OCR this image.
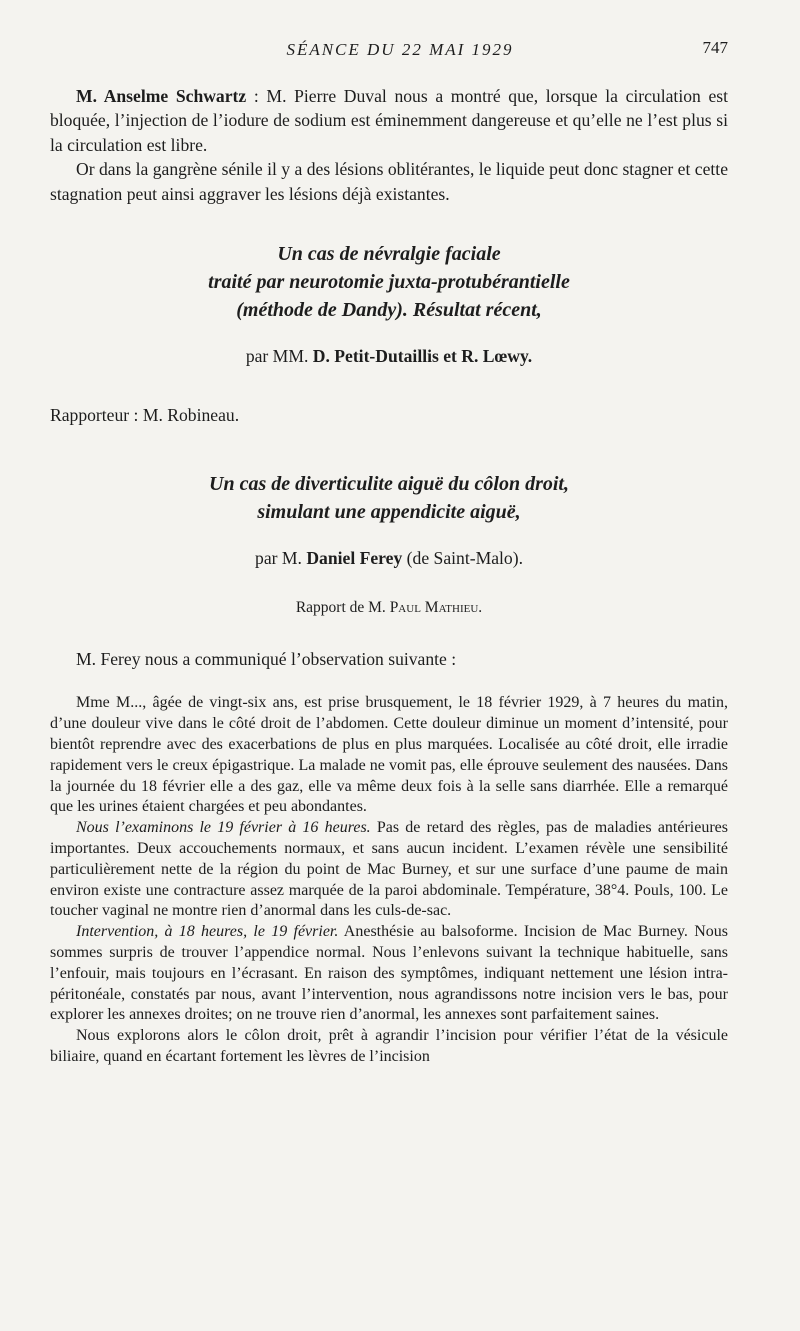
SÉANCE DU 22 MAI 1929	747

M. Anselme Schwartz : M. Pierre Duval nous a montré que, lorsque la circulation est bloquée, l’injection de l’iodure de sodium est éminemment dangereuse et qu’elle ne l’est plus si la circulation est libre.

Or dans la gangrène sénile il y a des lésions oblitérantes, le liquide peut donc stagner et cette stagnation peut ainsi aggraver les lésions déjà existantes.

Un cas de névralgie faciale
traité par neurotomie juxta-protubérantielle
(méthode de Dandy). Résultat récent,

par MM. D. Petit-Dutaillis et R. Lœwy.

Rapporteur : M. Robineau.

Un cas de diverticulite aiguë du côlon droit,
simulant une appendicite aiguë,

par M. Daniel Ferey (de Saint-Malo).

Rapport de M. Paul Mathieu.

M. Ferey nous a communiqué l’observation suivante :

Mme M..., âgée de vingt-six ans, est prise brusquement, le 18 février 1929, à 7 heures du matin, d’une douleur vive dans le côté droit de l’abdomen. Cette douleur diminue un moment d’intensité, pour bientôt reprendre avec des exacerbations de plus en plus marquées. Localisée au côté droit, elle irradie rapidement vers le creux épigastrique. La malade ne vomit pas, elle éprouve seulement des nausées. Dans la journée du 18 février elle a des gaz, elle va même deux fois à la selle sans diarrhée. Elle a remarqué que les urines étaient chargées et peu abondantes.

Nous l’examinons le 19 février à 16 heures. Pas de retard des règles, pas de maladies antérieures importantes. Deux accouchements normaux, et sans aucun incident. L’examen révèle une sensibilité particulièrement nette de la région du point de Mac Burney, et sur une surface d’une paume de main environ existe une contracture assez marquée de la paroi abdominale. Température, 38°4. Pouls, 100. Le toucher vaginal ne montre rien d’anormal dans les culs-de-sac.

Intervention, à 18 heures, le 19 février. Anesthésie au balsoforme. Incision de Mac Burney. Nous sommes surpris de trouver l’appendice normal. Nous l’enlevons suivant la technique habituelle, sans l’enfouir, mais toujours en l’écrasant. En raison des symptômes, indiquant nettement une lésion intra-péritonéale, constatés par nous, avant l’intervention, nous agrandissons notre incision vers le bas, pour explorer les annexes droites; on ne trouve rien d’anormal, les annexes sont parfaitement saines.

Nous explorons alors le côlon droit, prêt à agrandir l’incision pour vérifier l’état de la vésicule biliaire, quand en écartant fortement les lèvres de l’incision
